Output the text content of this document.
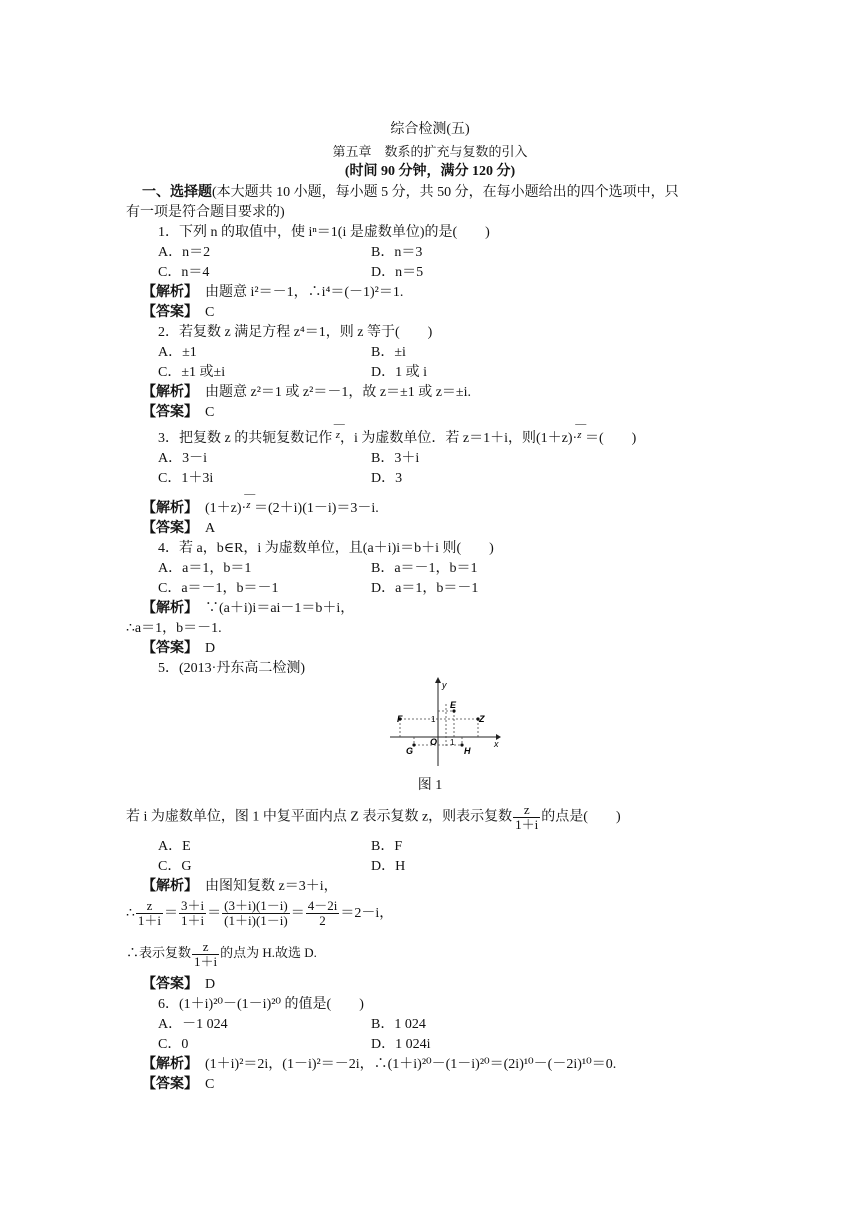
综合检测(五)
第五章　数系的扩充与复数的引入
(时间 90 分钟，满分 120 分)
一、选择题(本大题共 10 小题，每小题 5 分，共 50 分，在每小题给出的四个选项中，只
有一项是符合题目要求的)
1．下列 n 的取值中，使 iⁿ＝1(i 是虚数单位)的是(　　)
A．n＝2	B．n＝3
C．n＝4	D．n＝5
【解析】　 由题意 i²＝－1，∴i⁴＝(－1)²＝1.
【答案】　 C
2．若复数 z 满足方程 z⁴＝1，则 z 等于(　　)
A．±1	B．±i
C．±1 或±i	D．1 或 i
【解析】　 由题意 z²＝1 或 z²＝－1，故 z＝±1 或 z＝±i.
【答案】　 C
3．把复数 z 的共轭复数记作
—
$^z$，i 为虚数单位．若 z＝1＋i，则(1＋z)·
—
$^z$ ＝(　　)
A．3－i	B．3＋i
C．1＋3i	D．3
【解析】　 (1＋z)·
—
$^z$ ＝(2＋i)(1－i)＝3－i.
【答案】　 A
4．若 a，b∈R，i 为虚数单位，且(a＋i)i＝b＋i 则(　　)
A．a＝1，b＝1	B．a＝－1，b＝1
C．a＝－1，b＝－1	D．a＝1，b＝－1
【解析】　 ∵(a＋i)i＝ai－1＝b＋i，
∴a＝1，b＝－1.
【答案】　 D
5．(2013·丹东高二检测)
y
x
E
F	Z
G	H
O 1
1
图 1
若 i 为虚数单位，图 1 中复平面内点 Z 表示复数 z，则表示复数 $\frac{z}{1+i}$ 的点是(　　)
A．E	B．F
C．G	D．H
【解析】　 由图知复数 z＝3＋i，
∴ $\frac{z}{1+i} = \frac{3+i}{1+i} = \frac{(3+i)(1-i)}{(1+i)(1-i)} = \frac{4-2i}{2} =2-i$，
∴表示复数 $\frac{z}{1+i}$ 的点为 H.故选 D.
【答案】　 D
6．(1＋i)²⁰－(1－i)²⁰ 的值是(　　)
A．－1 024	B．1 024
C．0	D．1 024i
【解析】　 (1＋i)²＝2i，(1－i)²＝－2i，∴(1＋i)²⁰－(1－i)²⁰＝(2i)¹⁰－(－2i)¹⁰＝0.
【答案】　 C
